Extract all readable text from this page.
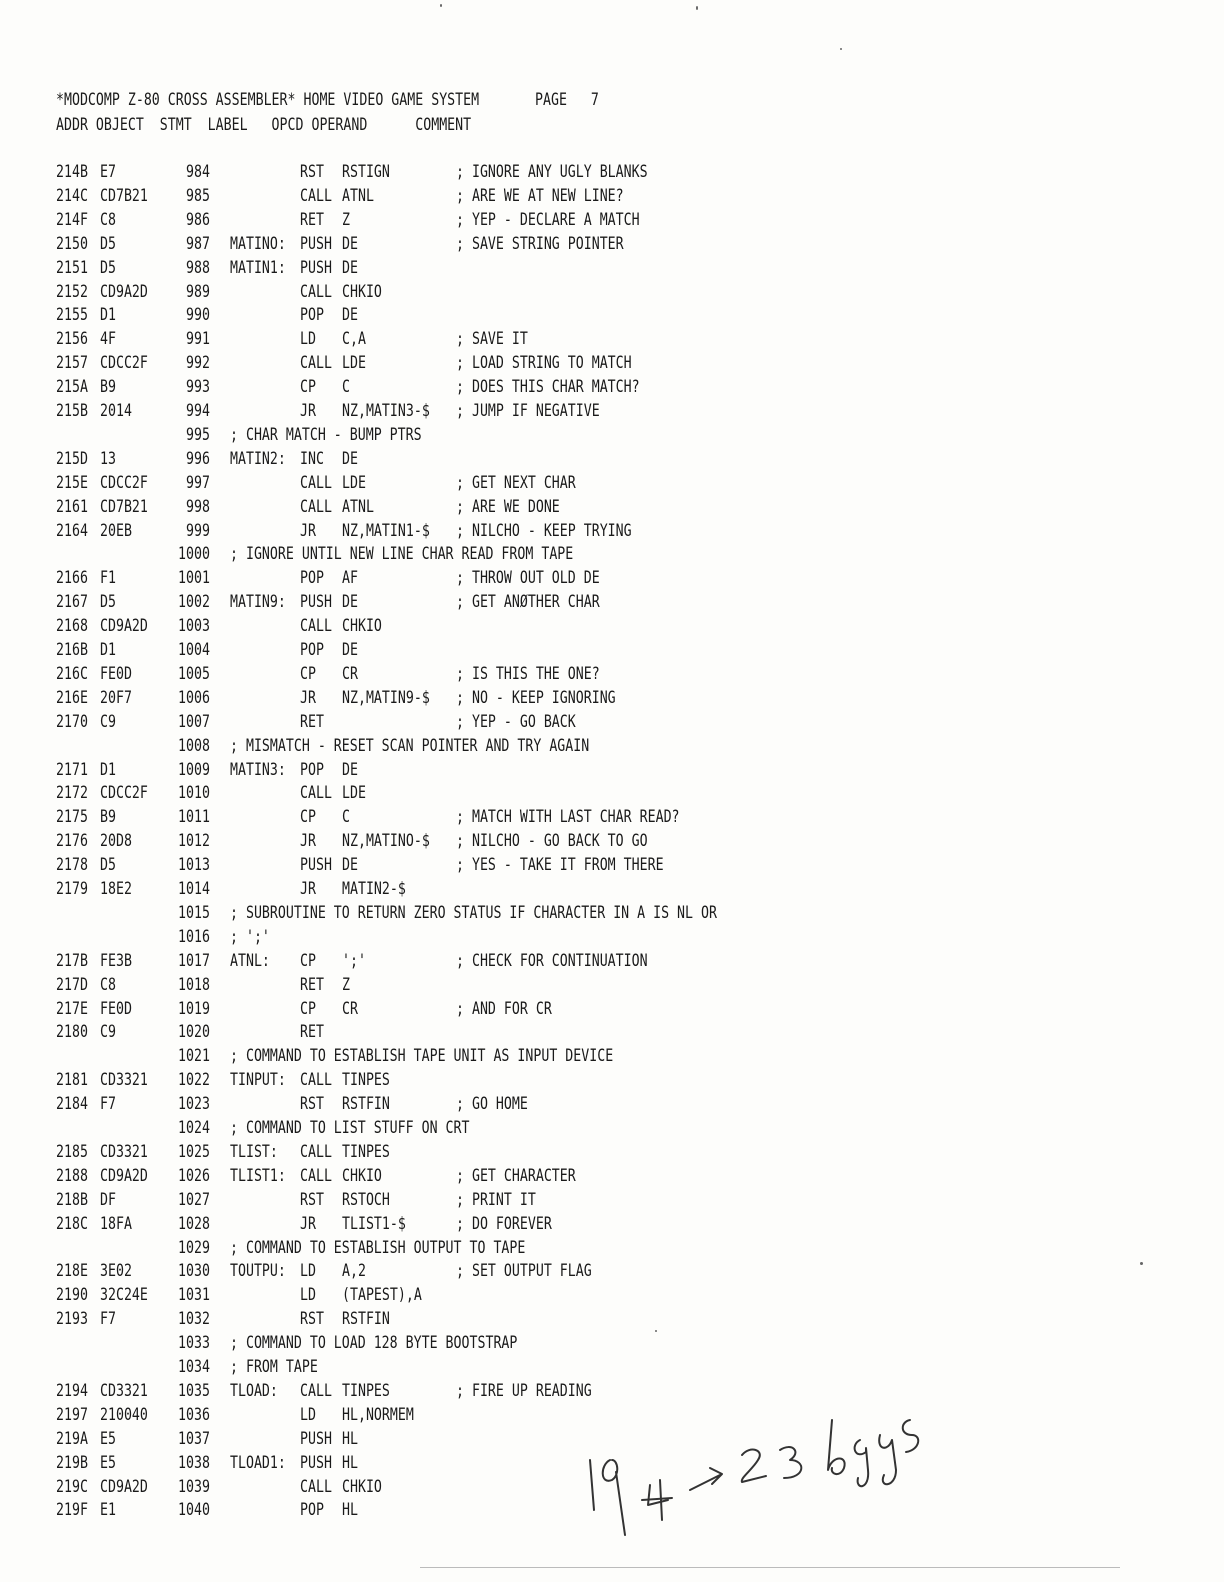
*MODCOMP Z-80 CROSS ASSEMBLER* HOME VIDEO GAME SYSTEM       PAGE   7
ADDR OBJECT  STMT  LABEL   OPCD OPERAND      COMMENT
214B E7	984	RST RSTIGN	; IGNORE ANY UGLY BLANKS
214C CD7B21 985	CALL ATNL	; ARE WE AT NEW LINE?
214F C8	986	RET Z	; YEP - DECLARE A MATCH
2150 D5	987 MATINO: PUSH DE	; SAVE STRING POINTER
2151 D5	988 MATIN1: PUSH DE
2152 CD9A2D 989	CALL CHKIO
2155 D1	990	POP DE
2156 4F	991	LD C,A	; SAVE IT
2157 CDCC2F 992	CALL LDE	; LOAD STRING TO MATCH
215A B9	993	CP C	; DOES THIS CHAR MATCH?
215B 2014	994	JR NZ,MATIN3-$ ; JUMP IF NEGATIVE
995 ; CHAR MATCH - BUMP PTRS
215D 13	996 MATIN2: INC DE
215E CDCC2F 997	CALL LDE	; GET NEXT CHAR
2161 CD7B21 998	CALL ATNL	; ARE WE DONE
2164 20EB	999	JR NZ,MATIN1-$ ; NILCHO - KEEP TRYING
1000 ; IGNORE UNTIL NEW LINE CHAR READ FROM TAPE
2166 F1	1001	POP AF	; THROW OUT OLD DE
2167 D5	1002 MATIN9: PUSH DE	; GET ANØTHER CHAR
2168 CD9A2D 1003	CALL CHKIO
216B D1	1004	POP DE
216C FE0D	1005	CP CR	; IS THIS THE ONE?
216E 20F7	1006	JR NZ,MATIN9-$ ; NO - KEEP IGNORING
2170 C9	1007	RET	; YEP - GO BACK
1008 ; MISMATCH - RESET SCAN POINTER AND TRY AGAIN
2171 D1	1009 MATIN3: POP DE
2172 CDCC2F 1010	CALL LDE
2175 B9	1011	CP C	; MATCH WITH LAST CHAR READ?
2176 20D8	1012	JR NZ,MATINO-$ ; NILCHO - GO BACK TO GO
2178 D5	1013	PUSH DE	; YES - TAKE IT FROM THERE
2179 18E2	1014	JR MATIN2-$
1015 ; SUBROUTINE TO RETURN ZERO STATUS IF CHARACTER IN A IS NL OR
1016 ; ';'
217B FE3B	1017 ATNL: CP ';'	; CHECK FOR CONTINUATION
217D C8	1018	RET Z
217E FE0D	1019	CP CR	; AND FOR CR
2180 C9	1020	RET
1021 ; COMMAND TO ESTABLISH TAPE UNIT AS INPUT DEVICE
2181 CD3321 1022 TINPUT: CALL TINPES
2184 F7	1023	RST RSTFIN	; GO HOME
1024 ; COMMAND TO LIST STUFF ON CRT
2185 CD3321 1025 TLIST: CALL TINPES
2188 CD9A2D 1026 TLIST1: CALL CHKIO	; GET CHARACTER
218B DF	1027	RST RSTOCH	; PRINT IT
218C 18FA	1028	JR TLIST1-$	; DO FOREVER
1029 ; COMMAND TO ESTABLISH OUTPUT TO TAPE
218E 3E02	1030 TOUTPU: LD A,2	; SET OUTPUT FLAG
2190 32C24E 1031	LD (TAPEST),A
2193 F7	1032	RST RSTFIN
1033 ; COMMAND TO LOAD 128 BYTE BOOTSTRAP
1034 ; FROM TAPE
2194 CD3321 1035 TLOAD: CALL TINPES	; FIRE UP READING
2197 210040 1036	LD HL,NORMEM
219A E5	1037	PUSH HL
219B E5	1038 TLOAD1: PUSH HL
219C CD9A2D 1039	CALL CHKIO
219F E1	1040	POP HL
19 + 4 → 23 bytes
